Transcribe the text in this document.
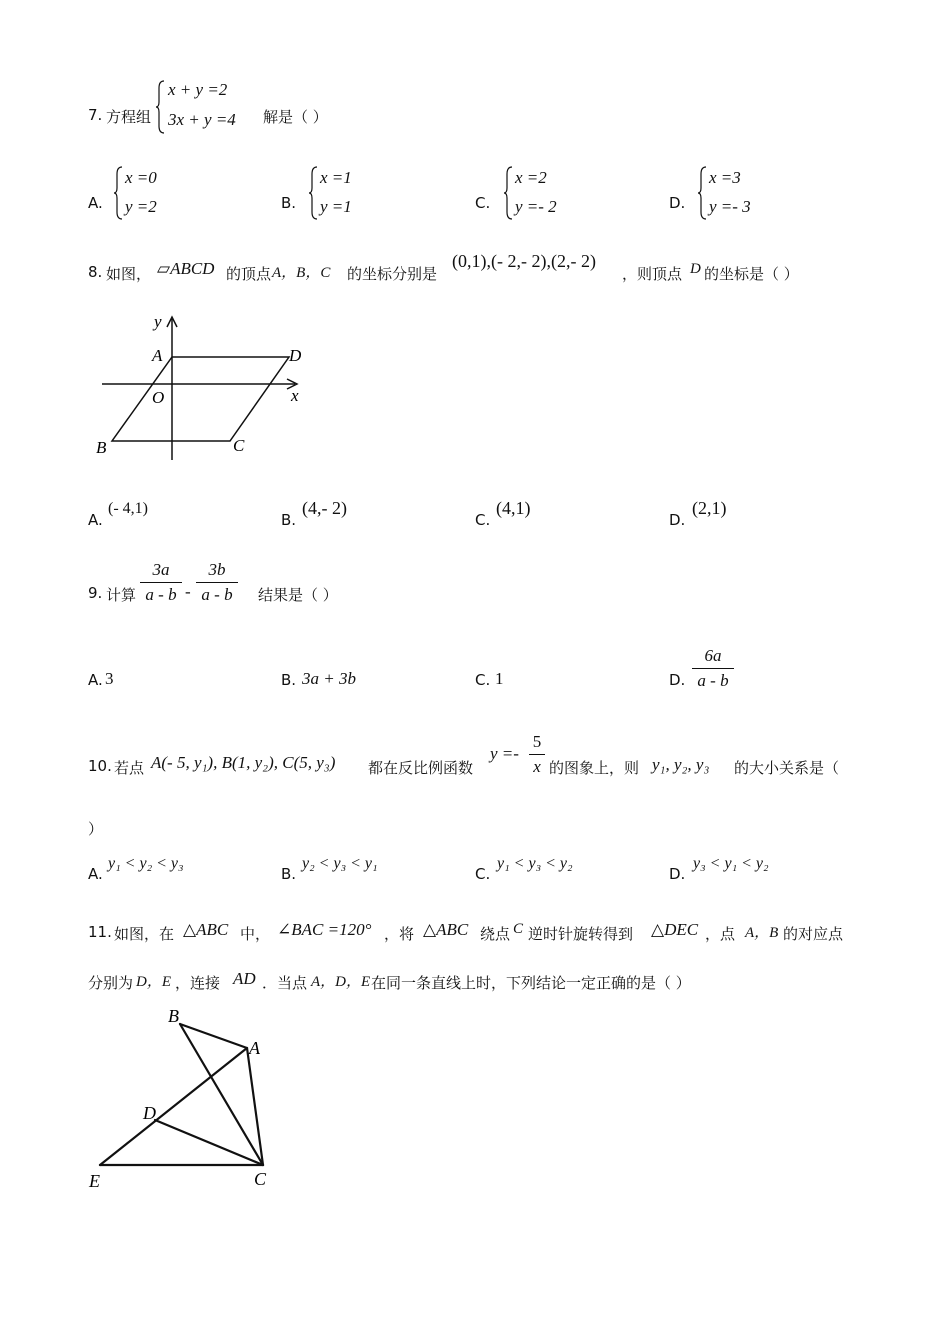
7. 方程组
x + y =2
3x + y =4 解是（ ）
A.
x =0
y =2	B.
x =1
y =1	C.
x =2
y =- 2	D.
x =3
y =- 3
8. 如图， ▱ABCD 的顶点 A，B，C 的坐标分别是
(0,1),(- 2,- 2),(2,- 2)
，则顶点 D 的坐标是（ ）
y
x
A	D
O
B	C
A.
(- 4,1)
B.
(4,- 2)
C.
(4,1)
D.
(2,1)
9. 计算
3a
a - b -
3b
a - b	结果是（ ）
A. 3	B. 3a + 3b	C. 1	D.
6a
a - b
10. 若点 A(- 5, y₁), B(1, y₂), C(5, y₃) 都在反比例函数
y =-
5
x 的图象上，则 y₁, y₂, y₃ 的大小关系是（
）
A.
y₁ < y₂ < y₃
B.
y₂ < y₃ < y₁
C.
y₁ < y₃ < y₂
D.
y₃ < y₁ < y₂
11. 如图，在 △ABC 中， ∠BAC =120° ，将 △ABC 绕点 C 逆时针旋转得到 △DEC ，点 A，B 的对应点
分别为 D，E ，连接 AD ．当点 A，D，E 在同一条直线上时，下列结论一定正确的是（ ）
B
A
D
E	C
